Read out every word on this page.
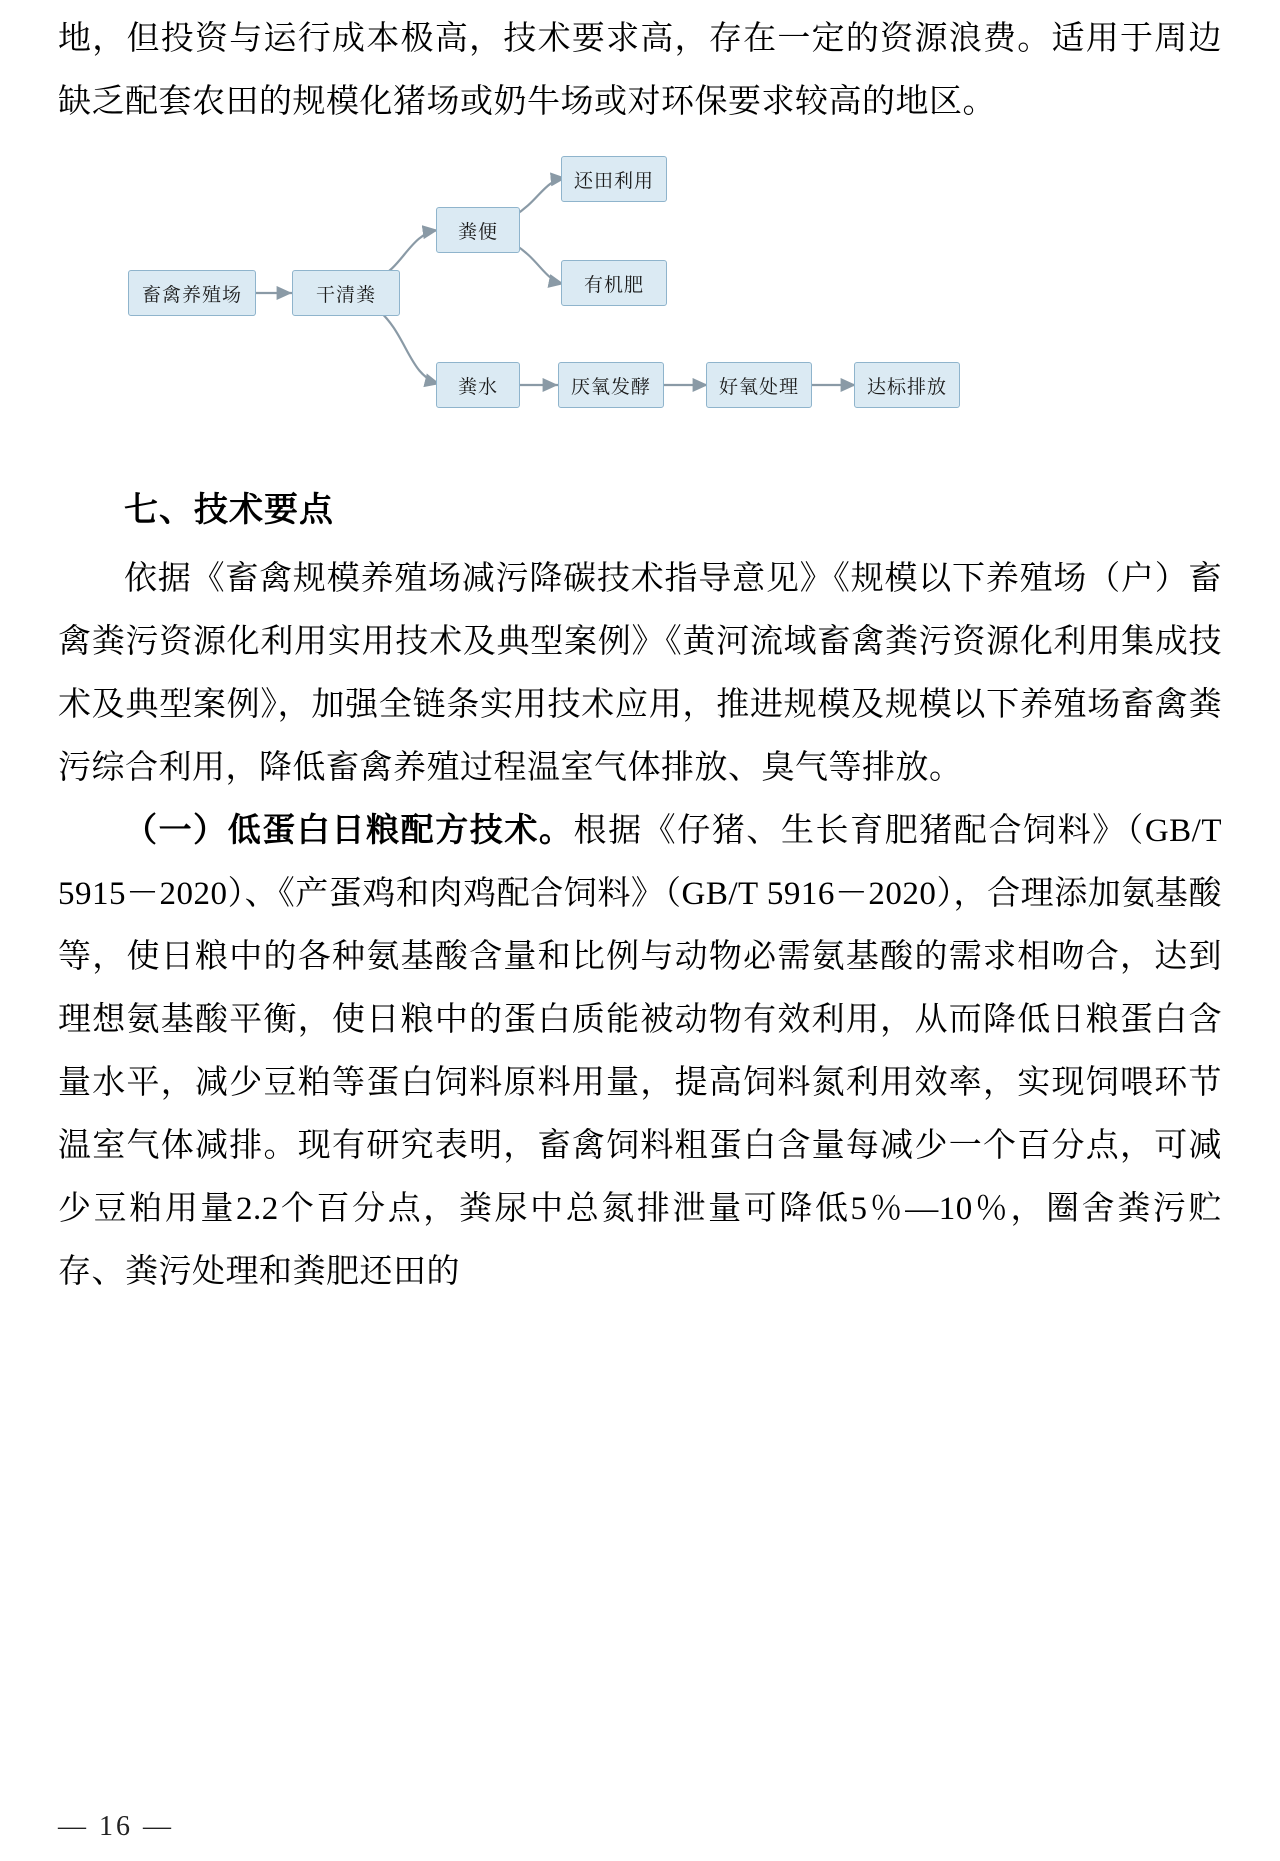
地，但投资与运行成本极高，技术要求高，存在一定的资源浪费。适用于周边缺乏配套农田的规模化猪场或奶牛场或对环保要求较高的地区。

畜禽养殖场	干清粪
粪便
还田利用
有机肥
粪水	厌氧发酵	好氧处理	达标排放
七、技术要点

依据《畜禽规模养殖场减污降碳技术指导意见》《规模以下养殖场（户）畜禽粪污资源化利用实用技术及典型案例》《黄河流域畜禽粪污资源化利用集成技术及典型案例》，加强全链条实用技术应用，推进规模及规模以下养殖场畜禽粪污综合利用，降低畜禽养殖过程温室气体排放、臭气等排放。

（一）低蛋白日粮配方技术。根据《仔猪、生长育肥猪配合饲料》（GB/T 5915－2020）、《产蛋鸡和肉鸡配合饲料》（GB/T 5916－2020），合理添加氨基酸等，使日粮中的各种氨基酸含量和比例与动物必需氨基酸的需求相吻合，达到理想氨基酸平衡，使日粮中的蛋白质能被动物有效利用，从而降低日粮蛋白含量水平，减少豆粕等蛋白饲料原料用量，提高饲料氮利用效率，实现饲喂环节温室气体减排。现有研究表明，畜禽饲料粗蛋白含量每减少一个百分点，可减少豆粕用量2.2个百分点，粪尿中总氮排泄量可降低5％—10％，圈舍粪污贮存、粪污处理和粪肥还田的

— 16 —
